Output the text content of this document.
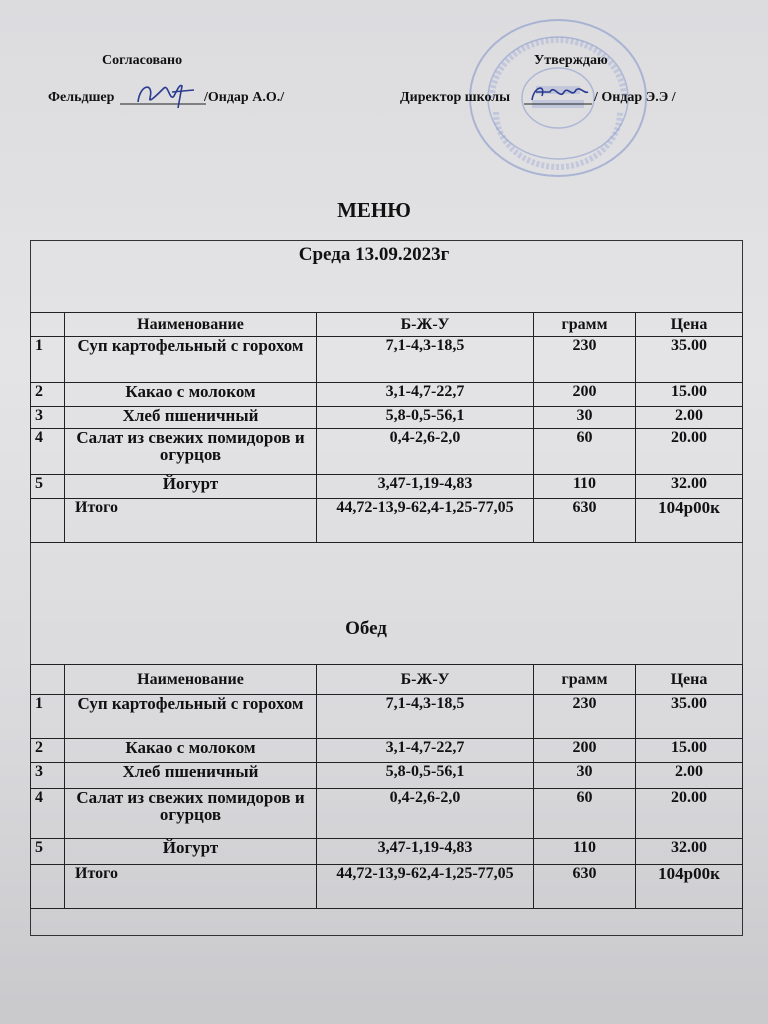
Согласовано
Фельдшер	/Ондар А.О./
Утверждаю
Директор школы	/ Ондар Э.Э /
МЕНЮ
Среда 13.09.2023г
	Наименование	Б-Ж-У	грамм	Цена
1	Суп картофельный с горохом	7,1-4,3-18,5	230	35.00
2	Какао с молоком	3,1-4,7-22,7	200	15.00
3	Хлеб пшеничный	5,8-0,5-56,1	30	2.00
4	Салат из свежих помидоров и огурцов	0,4-2,6-2,0	60	20.00
5	Йогурт	3,47-1,19-4,83	110	32.00
	Итого	44,72-13,9-62,4-1,25-77,05	630	104р00к
Обед
	Наименование	Б-Ж-У	грамм	Цена
1	Суп картофельный с горохом	7,1-4,3-18,5	230	35.00
2	Какао с молоком	3,1-4,7-22,7	200	15.00
3	Хлеб пшеничный	5,8-0,5-56,1	30	2.00
4	Салат из свежих помидоров и огурцов	0,4-2,6-2,0	60	20.00
5	Йогурт	3,47-1,19-4,83	110	32.00
	Итого	44,72-13,9-62,4-1,25-77,05	630	104р00к
